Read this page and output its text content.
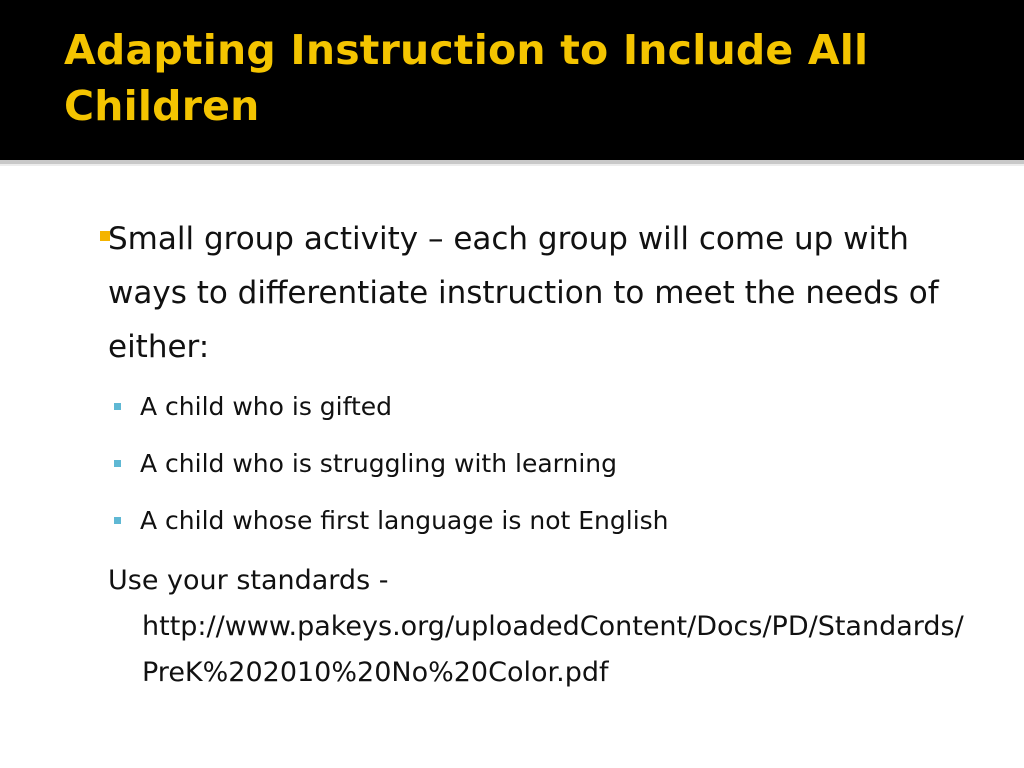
Adapting Instruction to Include All Children

Small group activity – each group will come up with ways to differentiate instruction to meet the needs of either:

A child who is gifted

A child who is struggling with learning

A child whose first language is not English

Use your standards -
http://www.pakeys.org/uploadedContent/Docs/PD/Standards/PreK%202010%20No%20Color.pdf
